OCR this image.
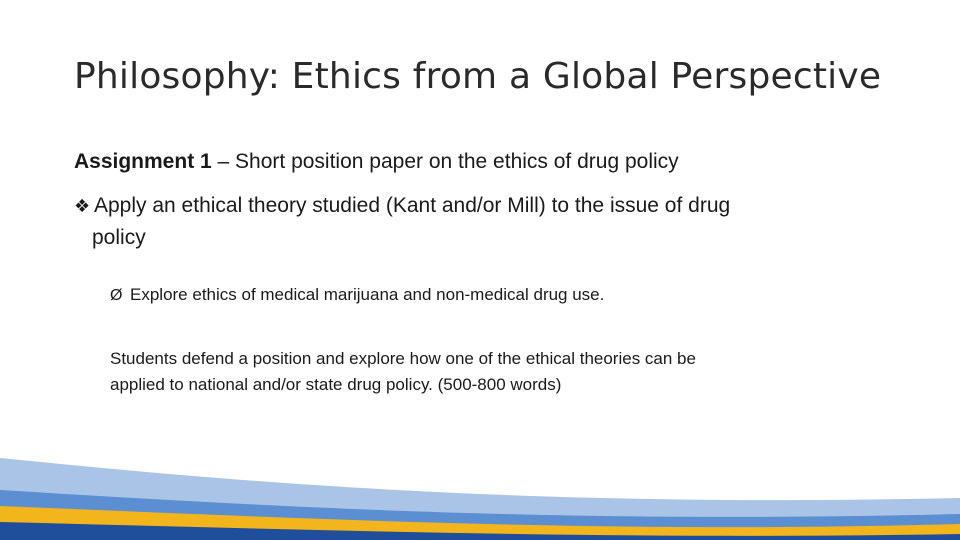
Philosophy: Ethics from a Global Perspective
Assignment 1 – Short position paper on the ethics of drug policy
❖ Apply an ethical theory studied (Kant and/or Mill) to the issue of drug
policy
Ø Explore ethics of medical marijuana and non-medical drug use.
Students defend a position and explore how one of the ethical theories can be
applied to national and/or state drug policy. (500-800 words)
